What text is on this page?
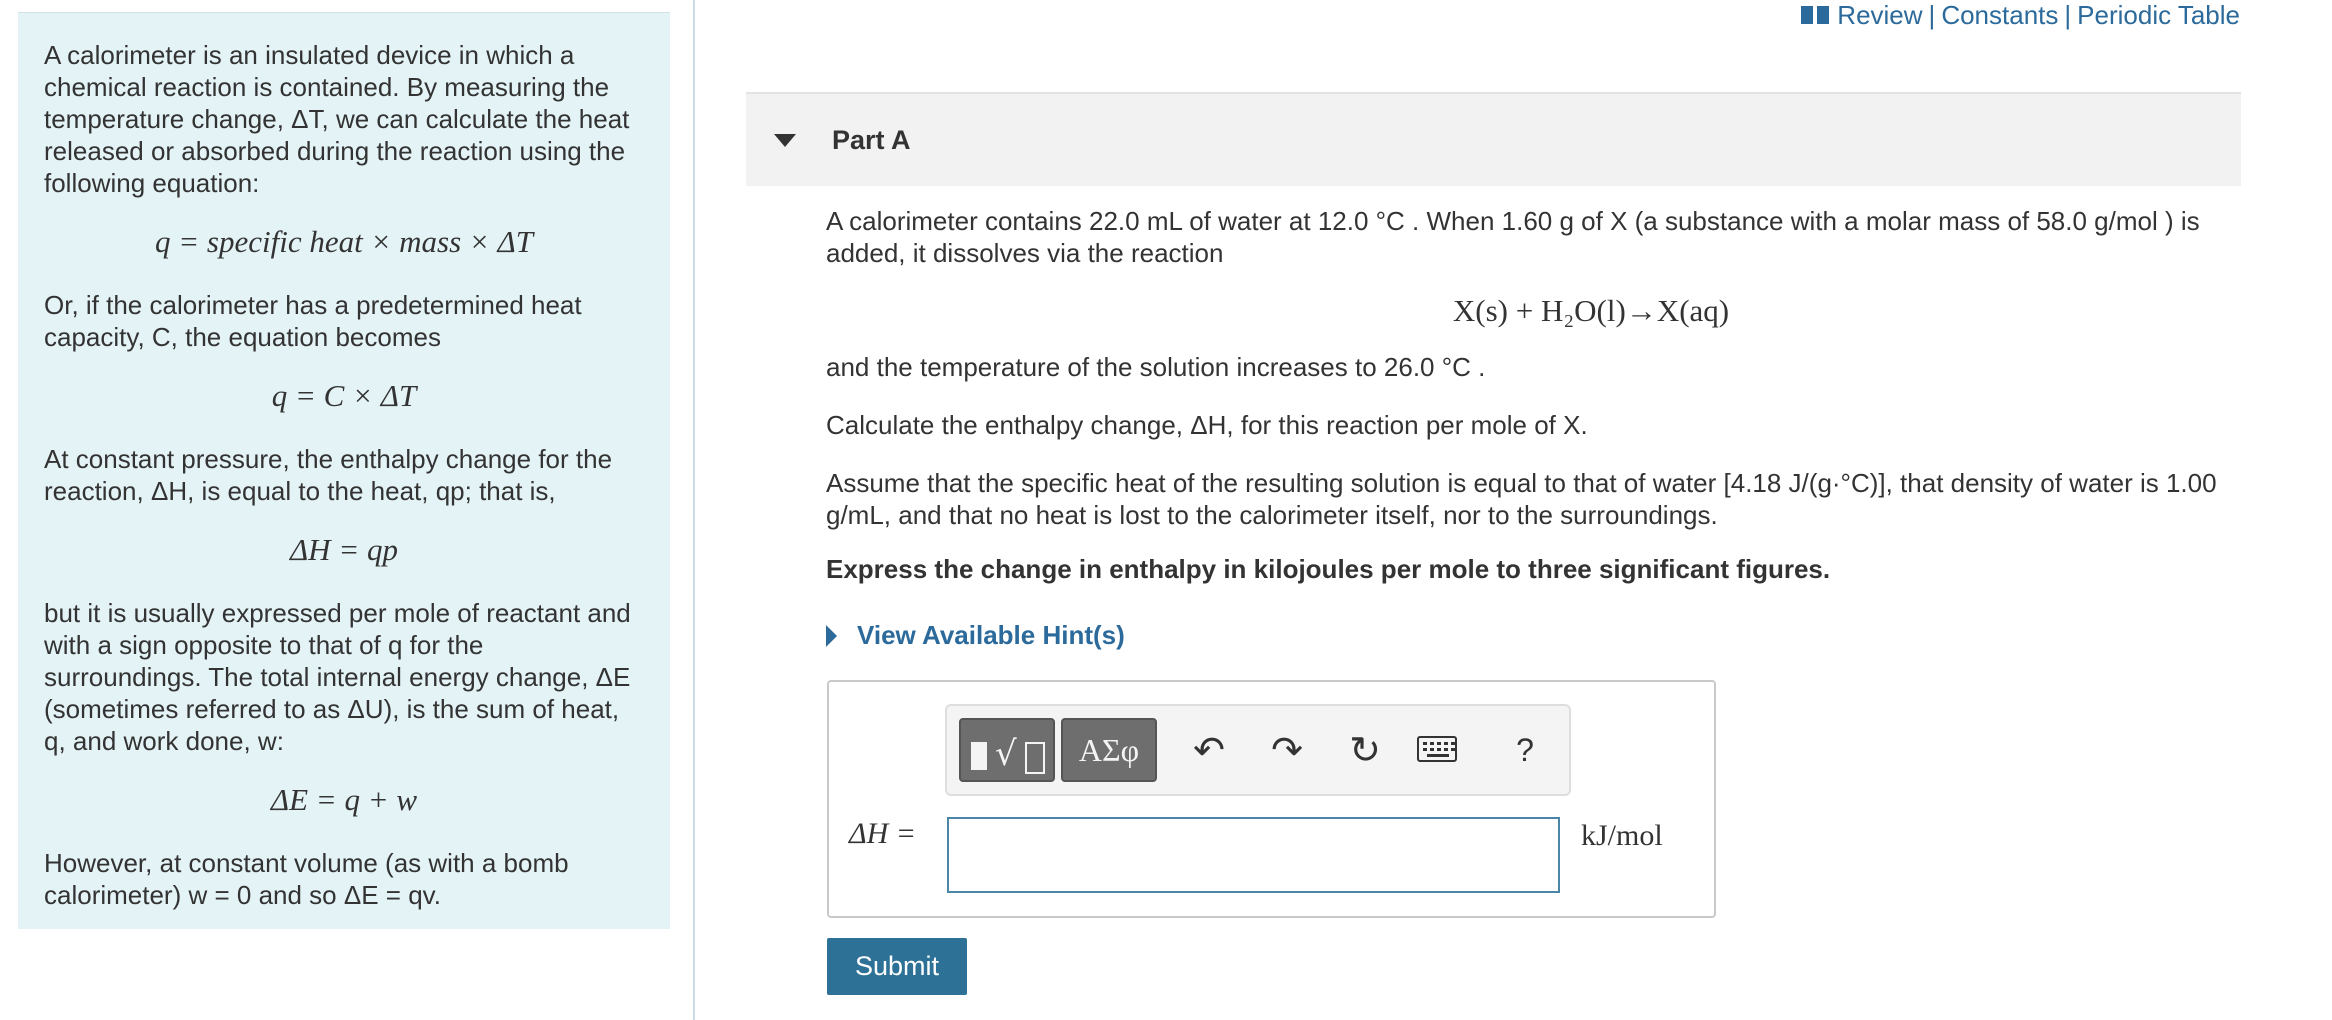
Review | Constants | Periodic Table

A calorimeter is an insulated device in which a chemical reaction is contained. By measuring the temperature change, ΔT, we can calculate the heat released or absorbed during the reaction using the following equation:

q = specific heat × mass × ΔT

Or, if the calorimeter has a predetermined heat capacity, C, the equation becomes

q = C × ΔT

At constant pressure, the enthalpy change for the reaction, ΔH, is equal to the heat, qp; that is,

ΔH = qp

but it is usually expressed per mole of reactant and with a sign opposite to that of q for the surroundings. The total internal energy change, ΔE (sometimes referred to as ΔU), is the sum of heat, q, and work done, w:

ΔE = q + w

However, at constant volume (as with a bomb calorimeter) w = 0 and so ΔE = qv.

Part A

A calorimeter contains 22.0 mL of water at 12.0 °C . When 1.60 g of X (a substance with a molar mass of 58.0 g/mol ) is added, it dissolves via the reaction

X(s) + H₂O(l)→X(aq)

and the temperature of the solution increases to 26.0 °C .

Calculate the enthalpy change, ΔH, for this reaction per mole of X.

Assume that the specific heat of the resulting solution is equal to that of water [4.18 J/(g·°C)], that density of water is 1.00 g/mL, and that no heat is lost to the calorimeter itself, nor to the surroundings.

Express the change in enthalpy in kilojoules per mole to three significant figures.

View Available Hint(s)
√	ΑΣφ	↶ ↷ ↻	?
ΔH =	kJ/mol
Submit
